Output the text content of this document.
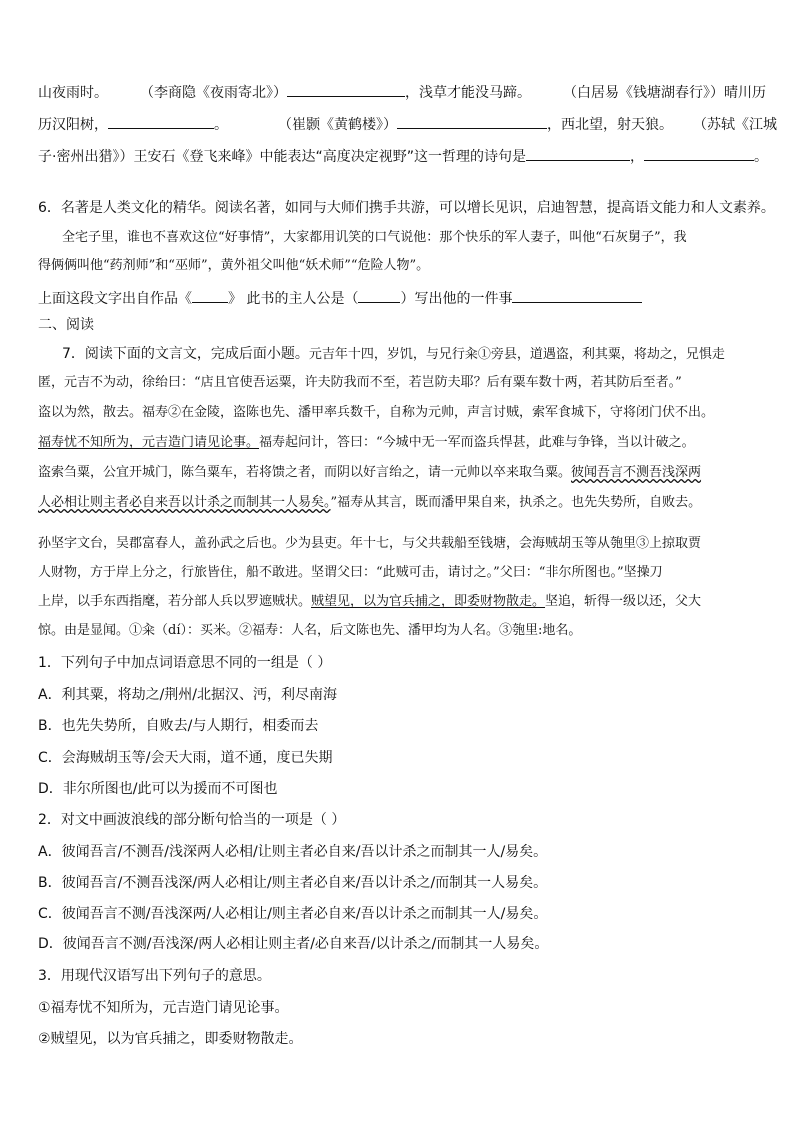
山夜雨时。 （李商隐《夜雨寄北》）	，浅草才能没马蹄。 （白居易《钱塘湖春行》）晴川历
历汉阳树，	。	（崔颢《黄鹤楼》）	，西北望，射天狼。 （苏轼《江城
子·密州出猎》）王安石《登飞来峰》中能表达“高度决定视野”这一哲理的诗句是	，	。
6．名著是人类文化的精华。阅读名著，如同与大师们携手共游，可以增长见识，启迪智慧，提高语文能力和人文素养。
全宅子里，谁也不喜欢这位“好事情”，大家都用讥笑的口气说他：那个快乐的军人妻子，叫他“石灰舅子”，我
得俩俩叫他“药剂师”和“巫师”，黄外祖父叫他“妖术师”“危险人物”。
上面这段文字出自作品《	》 此书的主人公是（	）写出他的一件事
二、阅读
7．阅读下面的文言文，完成后面小题。元吉年十四，岁饥，与兄行籴①旁县，道遇盗，利其粟，将劫之，兄惧走
匿，元吉不为动，徐绐曰：“店且官使吾运粟，许夫防我而不至，若岂防夫耶？后有粟车数十两，若其防后至者。”
盗以为然，散去。福寿②在金陵，盗陈也先、潘甲率兵数千，自称为元帅，声言讨贼，索军食城下，守将闭门伏不出。
福寿忧不知所为，元吉造门请见论事。福寿起问计，答曰：“今城中无一军而盗兵悍甚，此难与争锋，当以计破之。
盗索刍粟，公宜开城门，陈刍粟车，若将馈之者，而阴以好言绐之，请一元帅以卒来取刍粟。彼闻吾言不测吾浅深两
人必相让则主者必自来吾以计杀之而制其一人易矣。”福寿从其言，既而潘甲果自来，执杀之。也先失势所，自败去。
孙坚字文台，吴郡富春人，盖孙武之后也。少为县吏。年十七，与父共载船至钱塘，会海贼胡玉等从匏里③上掠取贾
人财物，方于岸上分之，行旅皆住，船不敢进。坚谓父曰：“此贼可击，请讨之。”父曰：“非尔所图也。”坚操刀
上岸，以手东西指麾，若分部人兵以罗遮贼状。贼望见，以为官兵捕之，即委财物散走。坚追，斩得一级以还，父大
惊。由是显闻。①籴（dí）：买米。②福寿：人名，后文陈也先、潘甲均为人名。③匏里:地名。
1．下列句子中加点词语意思不同的一组是（ ）
A．利其粟，将劫之/荆州/北据汉、沔，利尽南海
B．也先失势所，自败去/与人期行，相委而去
C．会海贼胡玉等/会天大雨，道不通，度已失期
D．非尔所图也/此可以为援而不可图也
2．对文中画波浪线的部分断句恰当的一项是（ ）
A．彼闻吾言/不测吾/浅深两人必相/让则主者必自来/吾以计杀之而制其一人/易矣。
B．彼闻吾言/不测吾浅深/两人必相让/则主者必自来/吾以计杀之/而制其一人易矣。
C．彼闻吾言不测/吾浅深两/人必相让/则主者必自来/吾以计杀之而制其一人/易矣。
D．彼闻吾言不测/吾浅深/两人必相让则主者/必自来吾/以计杀之/而制其一人易矣。
3．用现代汉语写出下列句子的意思。
①福寿忧不知所为，元吉造门请见论事。
②贼望见，以为官兵捕之，即委财物散走。
